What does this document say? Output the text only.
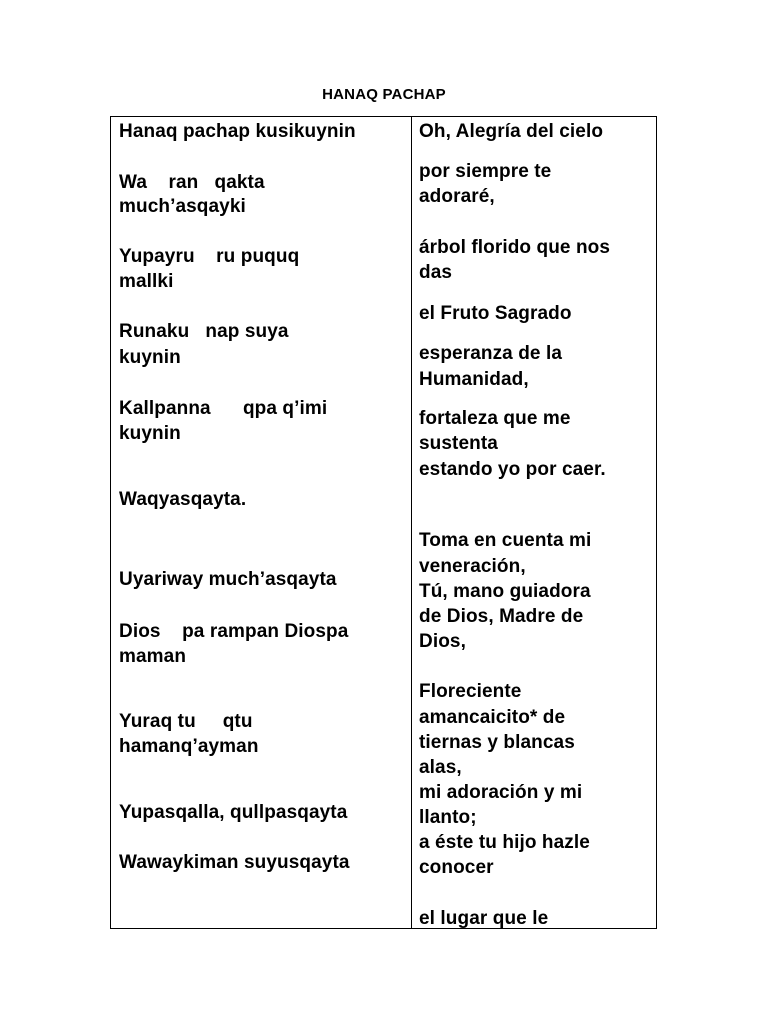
HANAQ PACHAP
Hanaq pachap kusikuynin
Wa    ran   qakta
much’asqayki
Yupayru    ru puquq
mallki
Runaku   nap suya
kuynin
Kallpanna      qpa q’imi
kuynin
Waqyasqayta.
Uyariway much’asqayta
Dios    pa rampan Diospa
maman
Yuraq tu     qtu
hamanq’ayman
Yupasqalla, qullpasqayta
Wawaykiman suyusqayta
Oh, Alegría del cielo
por siempre te
adoraré,
árbol florido que nos
das
el Fruto Sagrado
esperanza de la
Humanidad,
fortaleza que me
sustenta
estando yo por caer.
Toma en cuenta mi
veneración,
Tú, mano guiadora
de Dios, Madre de
Dios,
Floreciente
amancaicito* de
tiernas y blancas
alas,
mi adoración y mi
llanto;
a éste tu hijo hazle
conocer
el lugar que le
